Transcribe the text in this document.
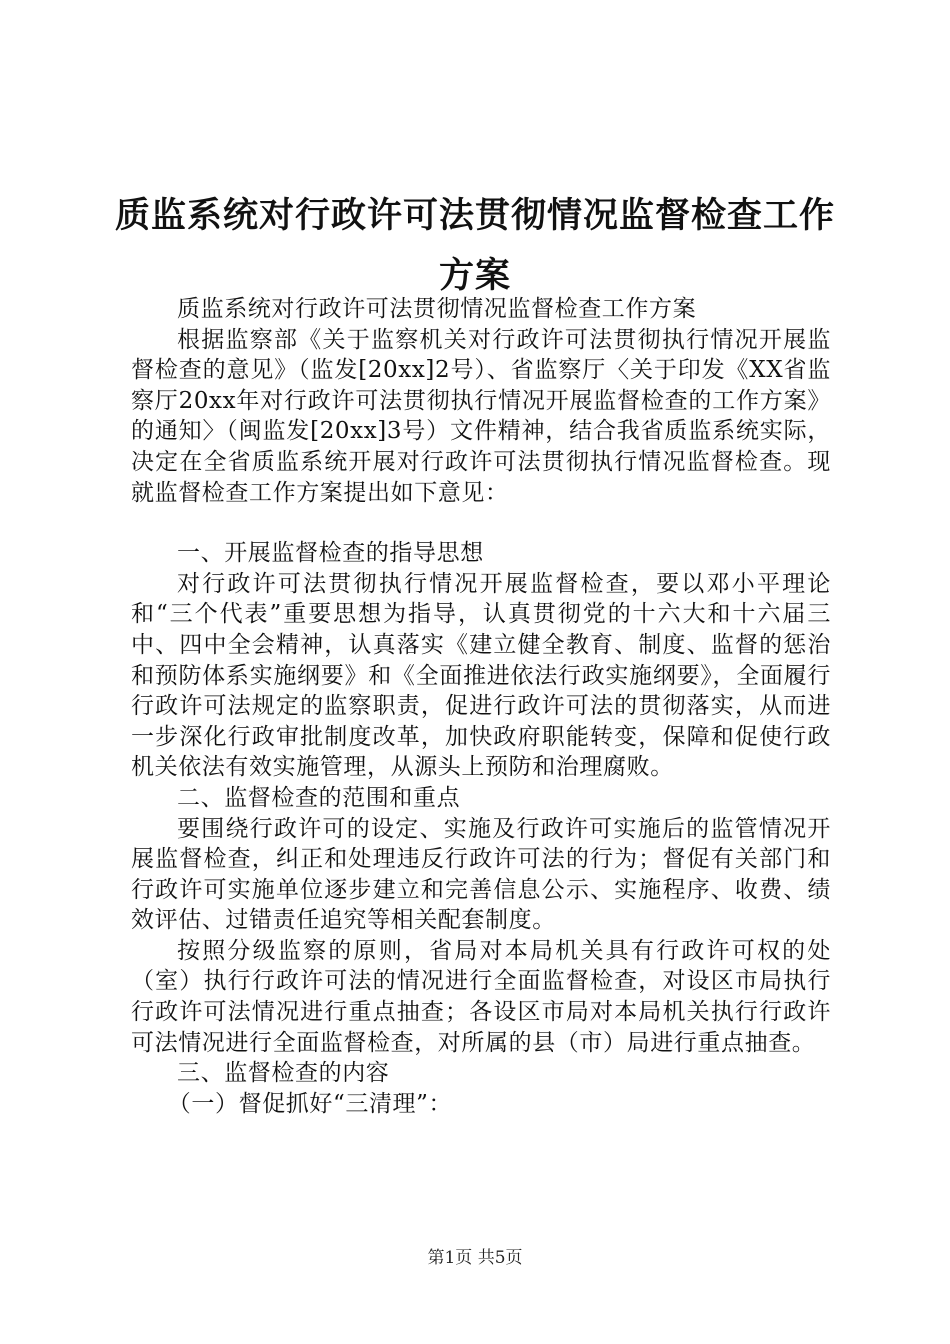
质监系统对行政许可法贯彻情况监督检查工作
方案

质监系统对行政许可法贯彻情况监督检查工作方案

根据监察部《关于监察机关对行政许可法贯彻执行情况开展监督检查的意见》（监发[20xx]2号）、省监察厅〈关于印发《XX省监察厅20xx年对行政许可法贯彻执行情况开展监督检查的工作方案》的通知〉（闽监发[20xx]3号）文件精神，结合我省质监系统实际，决定在全省质监系统开展对行政许可法贯彻执行情况监督检查。现就监督检查工作方案提出如下意见：

一、开展监督检查的指导思想

对行政许可法贯彻执行情况开展监督检查，要以邓小平理论和“三个代表”重要思想为指导，认真贯彻党的十六大和十六届三中、四中全会精神，认真落实《建立健全教育、制度、监督的惩治和预防体系实施纲要》和《全面推进依法行政实施纲要》，全面履行行政许可法规定的监察职责，促进行政许可法的贯彻落实，从而进一步深化行政审批制度改革，加快政府职能转变，保障和促使行政机关依法有效实施管理，从源头上预防和治理腐败。

二、监督检查的范围和重点

要围绕行政许可的设定、实施及行政许可实施后的监管情况开展监督检查，纠正和处理违反行政许可法的行为；督促有关部门和行政许可实施单位逐步建立和完善信息公示、实施程序、收费、绩效评估、过错责任追究等相关配套制度。

按照分级监察的原则，省局对本局机关具有行政许可权的处（室）执行行政许可法的情况进行全面监督检查，对设区市局执行行政许可法情况进行重点抽查；各设区市局对本局机关执行行政许可法情况进行全面监督检查，对所属的县（市）局进行重点抽查。

三、监督检查的内容

（一）督促抓好“三清理”：

第1页 共5页
